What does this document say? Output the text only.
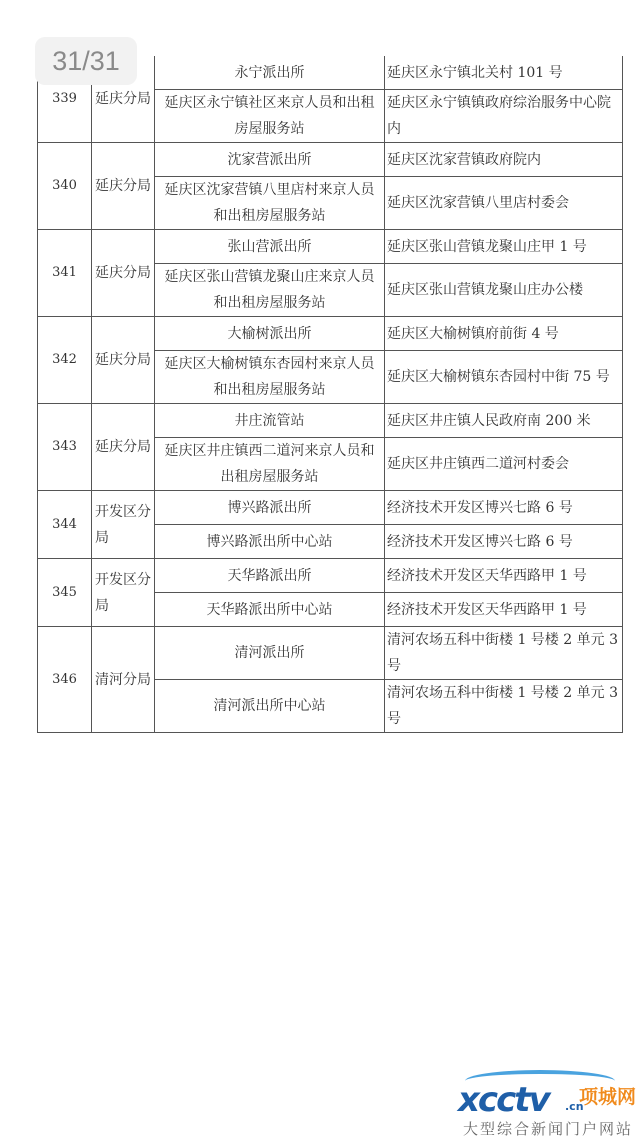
31/31
339	延庆分局	永宁派出所	延庆区永宁镇北关村 101 号
		延庆区永宁镇社区来京人员和出租房屋服务站	延庆区永宁镇镇政府综治服务中心院内
340	延庆分局	沈家营派出所	延庆区沈家营镇政府院内
		延庆区沈家营镇八里店村来京人员和出租房屋服务站	延庆区沈家营镇八里店村委会
341	延庆分局	张山营派出所	延庆区张山营镇龙聚山庄甲 1 号
		延庆区张山营镇龙聚山庄来京人员和出租房屋服务站	延庆区张山营镇龙聚山庄办公楼
342	延庆分局	大榆树派出所	延庆区大榆树镇府前街 4 号
		延庆区大榆树镇东杏园村来京人员和出租房屋服务站	延庆区大榆树镇东杏园村中街 75 号
343	延庆分局	井庄流管站	延庆区井庄镇人民政府南 200 米
		延庆区井庄镇西二道河来京人员和出租房屋服务站	延庆区井庄镇西二道河村委会
344	开发区分局	博兴路派出所	经济技术开发区博兴七路 6 号
		博兴路派出所中心站	经济技术开发区博兴七路 6 号
345	开发区分局	天华路派出所	经济技术开发区天华西路甲 1 号
		天华路派出所中心站	经济技术开发区天华西路甲 1 号
346	清河分局	清河派出所	清河农场五科中街楼 1 号楼 2 单元 3 号
		清河派出所中心站	清河农场五科中街楼 1 号楼 2 单元 3 号
xcctv .cn
项城网
大型综合新闻门户网站
